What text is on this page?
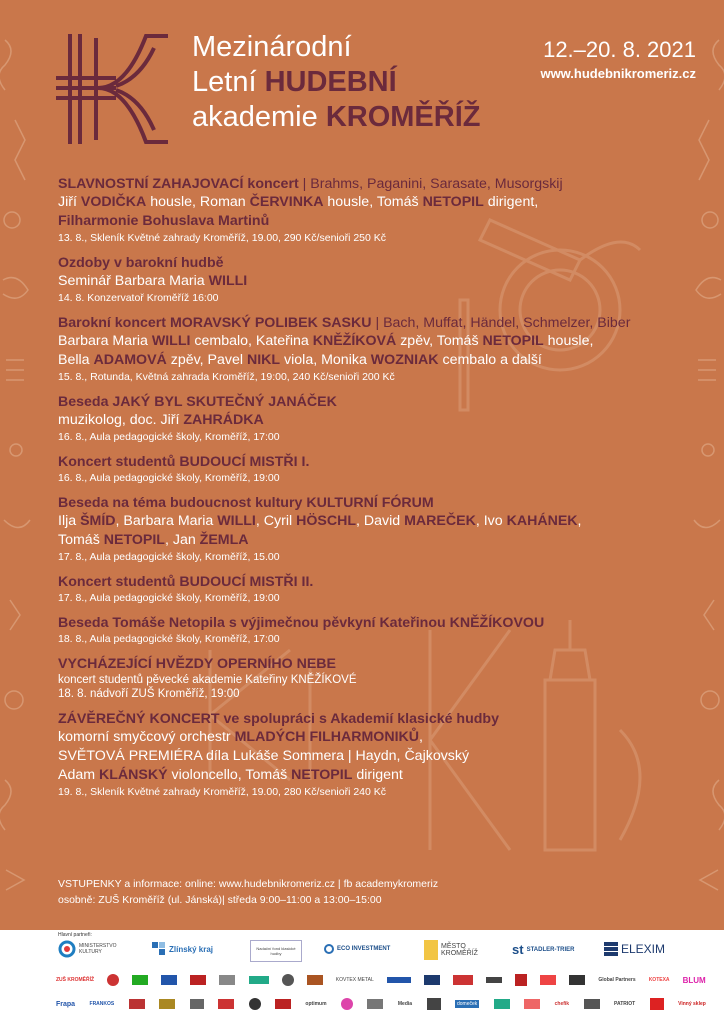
Mezinárodní
Letní HUDEBNÍ
akademie KROMĚŘÍŽ
12.–20. 8. 2021
www.hudebnikromeriz.cz
SLAVNOSTNÍ ZAHAJOVACÍ koncert | Brahms, Paganini, Sarasate, Musorgskij
Jiří VODIČKA housle, Roman ČERVINKA housle, Tomáš NETOPIL dirigent,
Filharmonie Bohuslava Martinů
13. 8., Skleník Květné zahrady Kroměříž, 19.00, 290 Kč/senioři 250 Kč
Ozdoby v barokní hudbě
Seminář Barbara Maria WILLI
14. 8. Konzervatoř Kroměříž 16:00
Barokní koncert MORAVSKÝ POLIBEK SASKU | Bach, Muffat, Händel, Schmelzer, Biber
Barbara Maria WILLI cembalo, Kateřina KNĚŽÍKOVÁ zpěv, Tomáš NETOPIL housle,
Bella ADAMOVÁ zpěv, Pavel NIKL viola, Monika WOZNIAK cembalo a další
15. 8., Rotunda, Květná zahrada Kroměříž, 19:00, 240 Kč/senioři 200 Kč
Beseda JAKÝ BYL SKUTEČNÝ JANÁČEK
muzikolog, doc. Jiří ZAHRÁDKA
16. 8., Aula pedagogické školy, Kroměříž, 17:00
Koncert studentů BUDOUCÍ MISTŘI I.
16. 8., Aula pedagogické školy, Kroměříž, 19:00
Beseda na téma budoucnost kultury KULTURNÍ FÓRUM
Ilja ŠMÍD, Barbara Maria WILLI, Cyril HÖSCHL, David MAREČEK, Ivo KAHÁNEK,
Tomáš NETOPIL, Jan ŽEMLA
17. 8., Aula pedagogické školy, Kroměříž, 15.00
Koncert studentů BUDOUCÍ MISTŘI II.
17. 8., Aula pedagogické školy, Kroměříž, 19:00
Beseda Tomáše Netopila s výjimečnou pěvkyní Kateřinou KNĚŽÍKOVOU
18. 8., Aula pedagogické školy, Kroměříž, 17:00
VYCHÁZEJÍCÍ HVĚZDY OPERNÍHO NEBE
koncert studentů pěvecké akademie Kateřiny KNĚŽÍKOVÉ
18. 8. nádvoří ZUŠ Kroměříž, 19:00
ZÁVĚREČNÝ KONCERT ve spolupráci s Akademií klasické hudby
komorní smyčcový orchestr MLADÝCH FILHARMONIKŮ,
SVĚTOVÁ PREMIÉRA díla Lukáše Sommera | Haydn, Čajkovský
Adam KLÁNSKÝ violoncello, Tomáš NETOPIL dirigent
19. 8., Skleník Květné zahrady Kroměříž, 19.00, 280 Kč/senioři 240 Kč
VSTUPENKY a informace: online: www.hudebnikromeriz.cz | fb academykromeriz
osobně: ZUŠ Kroměříž (ul. Jánská)| středa 9:00–11:00 a 13:00–15:00
Hlavní partneři:
MINISTERSTVO KULTURY	Zlínský kraj	Nadační fond klasické hudby
ECO INVESTMENT	MĚSTO KROMĚŘÍŽ	st STADLER-TRIER	ELEXIM
ZUŠ KROMĚŘÍŽ	KOVTEX METAL	Global Partners	KOTEXA BLUM
Frapa	FRANKOS	optimum	Media	domeček	chefik	PATRIOT	Vinný sklep
